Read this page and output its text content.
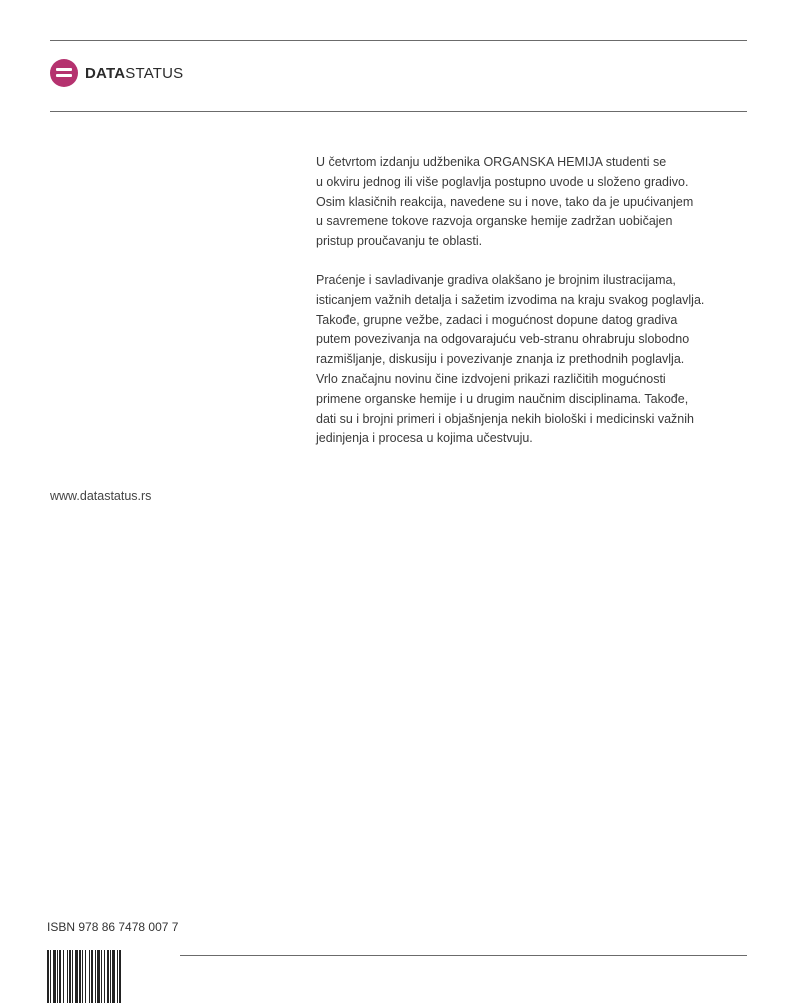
DATASTATUS

U četvrtom izdanju udžbenika ORGANSKA HEMIJA studenti se
u okviru jednog ili više poglavlja postupno uvode u složeno gradivo.
Osim klasičnih reakcija, navedene su i nove, tako da je upućivanjem
u savremene tokove razvoja organske hemije zadržan uobičajen
pristup proučavanju te oblasti.

Praćenje i savladivanje gradiva olakšano je brojnim ilustracijama,
isticanjem važnih detalja i sažetim izvodima na kraju svakog poglavlja.
Takođe, grupne vežbe, zadaci i mogućnost dopune datog gradiva
putem povezivanja na odgovarajuću veb-stranu ohrabruju slobodno
razmišljanje, diskusiju i povezivanje znanja iz prethodnih poglavlja.
Vrlo značajnu novinu čine izdvojeni prikazi različitih mogućnosti
primene organske hemije i u drugim naučnim disciplinama. Takođe,
dati su i brojni primeri i objašnjenja nekih biološki i medicinski važnih
jedinjenja i procesa u kojima učestvuju.

www.datastatus.rs
ISBN 978 86 7478 007 7
